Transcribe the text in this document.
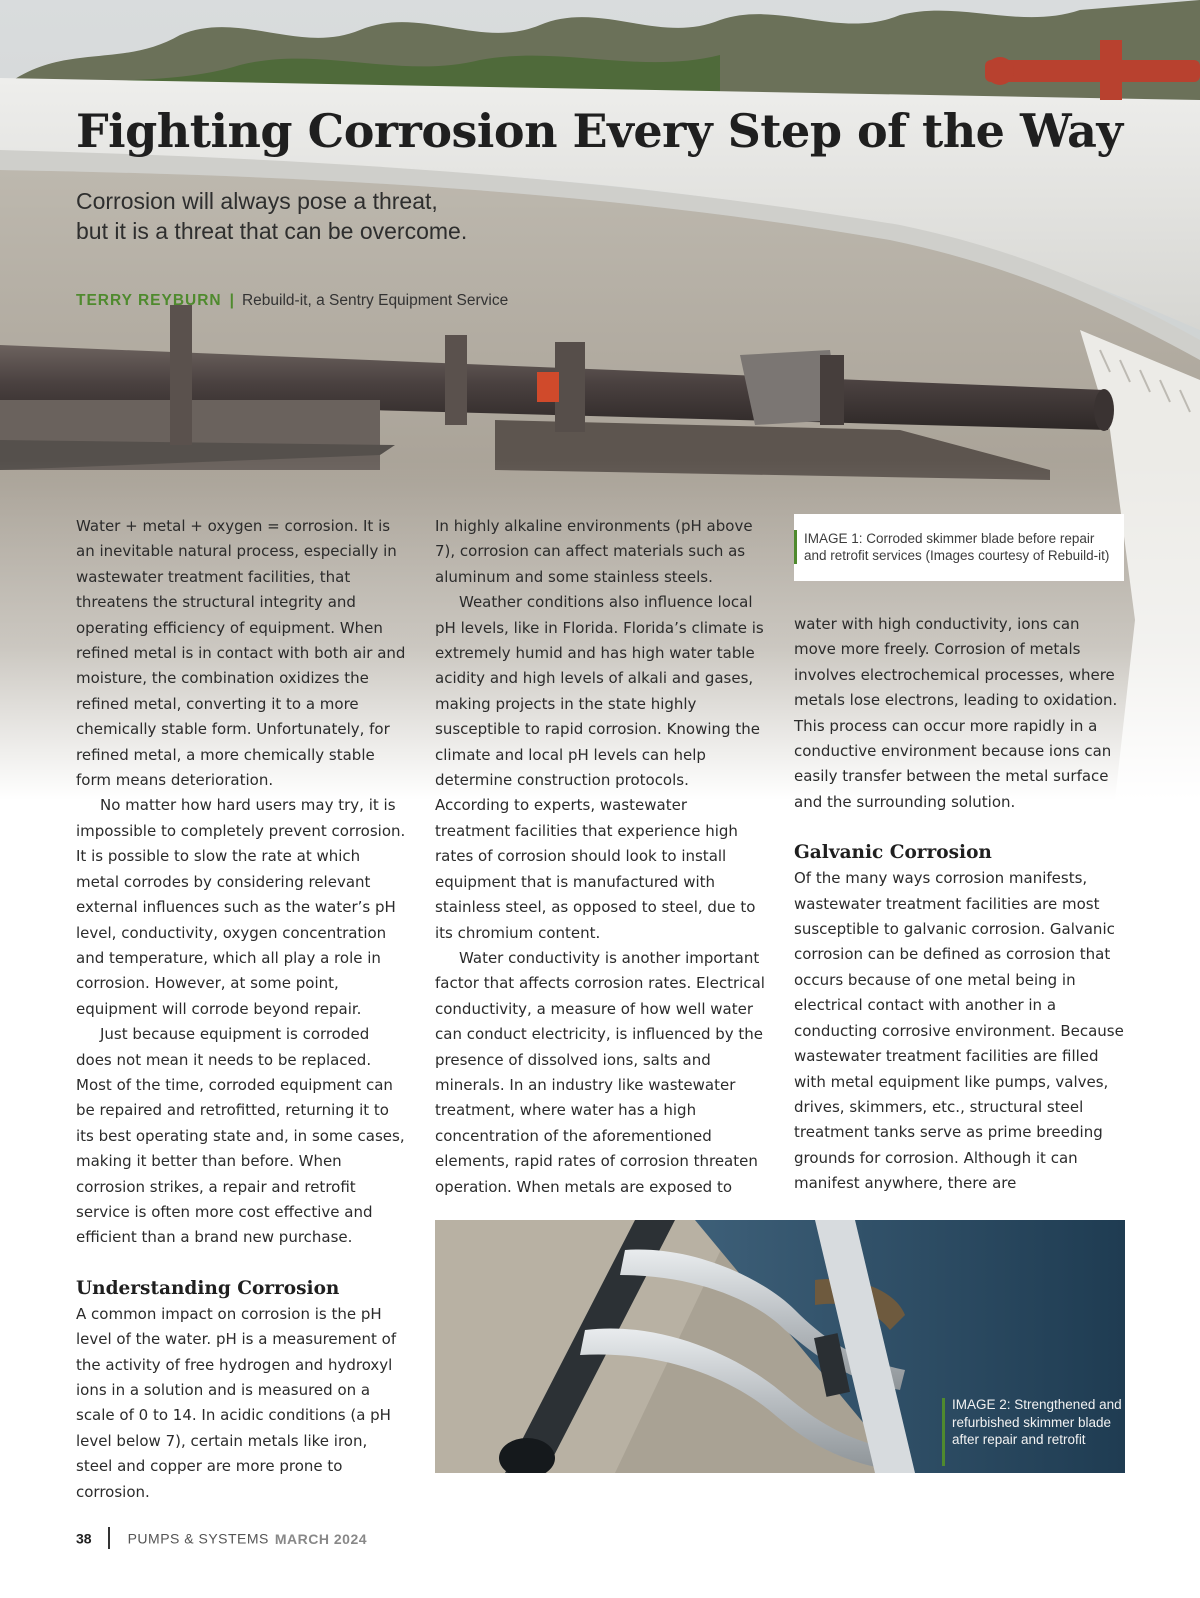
Fighting Corrosion Every Step of the Way
Corrosion will always pose a threat,
but it is a threat that can be overcome.
TERRY REYBURN | Rebuild-it, a Sentry Equipment Service

Water + metal + oxygen = corrosion. It is an inevitable natural process, especially in wastewater treatment facilities, that threatens the structural integrity and operating efficiency of equipment. When refined metal is in contact with both air and moisture, the combination oxidizes the refined metal, converting it to a more chemically stable form. Unfortunately, for refined metal, a more chemically stable form means deterioration.

No matter how hard users may try, it is impossible to completely prevent corrosion. It is possible to slow the rate at which metal corrodes by considering relevant external influences such as the water’s pH level, conductivity, oxygen concentration and temperature, which all play a role in corrosion. However, at some point, equipment will corrode beyond repair.

Just because equipment is corroded does not mean it needs to be replaced. Most of the time, corroded equipment can be repaired and retrofitted, returning it to its best operating state and, in some cases, making it better than before. When corrosion strikes, a repair and retrofit service is often more cost effective and efficient than a brand new purchase.

Understanding Corrosion

A common impact on corrosion is the pH level of the water. pH is a measurement of the activity of free hydrogen and hydroxyl ions in a solution and is measured on a scale of 0 to 14. In acidic conditions (a pH level below 7), certain metals like iron, steel and copper are more prone to corrosion.

In highly alkaline environments (pH above 7), corrosion can affect materials such as aluminum and some stainless steels.

Weather conditions also influence local pH levels, like in Florida. Florida’s climate is extremely humid and has high water table acidity and high levels of alkali and gases, making projects in the state highly susceptible to rapid corrosion. Knowing the climate and local pH levels can help determine construction protocols. According to experts, wastewater treatment facilities that experience high rates of corrosion should look to install equipment that is manufactured with stainless steel, as opposed to steel, due to its chromium content.

Water conductivity is another important factor that affects corrosion rates. Electrical conductivity, a measure of how well water can conduct electricity, is influenced by the presence of dissolved ions, salts and minerals. In an industry like wastewater treatment, where water has a high concentration of the aforementioned elements, rapid rates of corrosion threaten operation. When metals are exposed to

IMAGE 1: Corroded skimmer blade before repair and retrofit services (Images courtesy of Rebuild-it)

water with high conductivity, ions can move more freely. Corrosion of metals involves electrochemical processes, where metals lose electrons, leading to oxidation. This process can occur more rapidly in a conductive environment because ions can easily transfer between the metal surface and the surrounding solution.

Galvanic Corrosion

Of the many ways corrosion manifests, wastewater treatment facilities are most susceptible to galvanic corrosion. Galvanic corrosion can be defined as corrosion that occurs because of one metal being in electrical contact with another in a conducting corrosive environment. Because wastewater treatment facilities are filled with metal equipment like pumps, valves, drives, skimmers, etc., structural steel treatment tanks serve as prime breeding grounds for corrosion. Although it can manifest anywhere, there are

IMAGE 2: Strengthened and refurbished skimmer blade after repair and retrofit
38	PUMPS & SYSTEMS MARCH 2024
